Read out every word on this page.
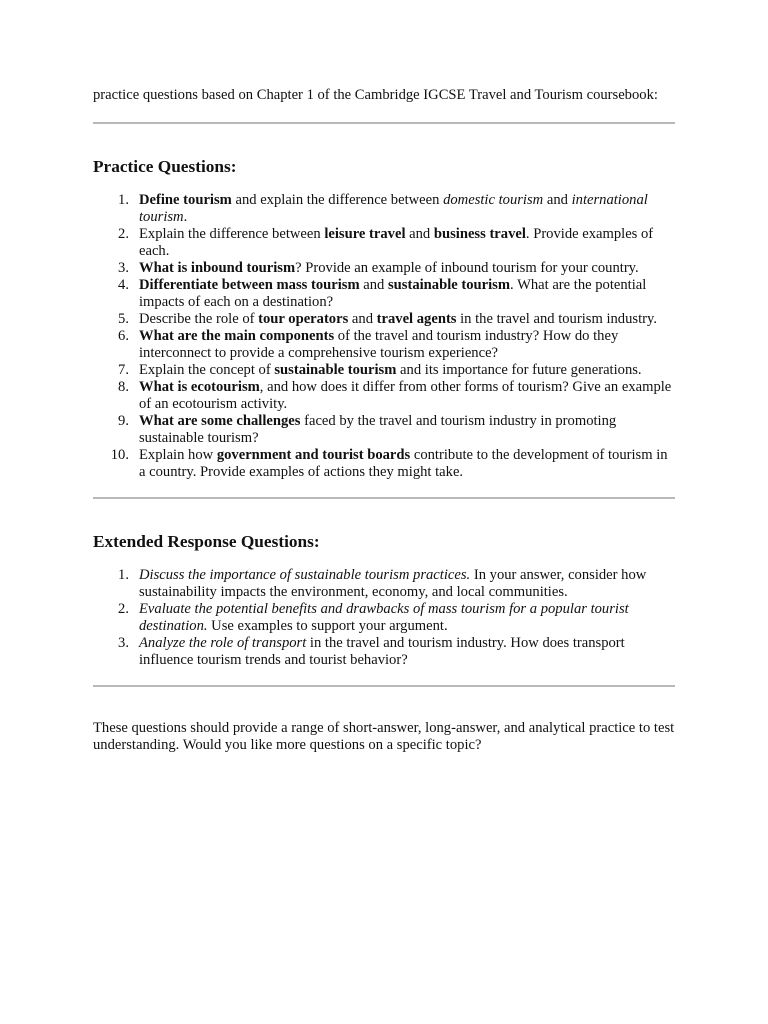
practice questions based on Chapter 1 of the Cambridge IGCSE Travel and Tourism coursebook:

Practice Questions:
1. Define tourism and explain the difference between domestic tourism and international tourism.
2. Explain the difference between leisure travel and business travel. Provide examples of each.
3. What is inbound tourism? Provide an example of inbound tourism for your country.
4. Differentiate between mass tourism and sustainable tourism. What are the potential impacts of each on a destination?
5. Describe the role of tour operators and travel agents in the travel and tourism industry.
6. What are the main components of the travel and tourism industry? How do they interconnect to provide a comprehensive tourism experience?
7. Explain the concept of sustainable tourism and its importance for future generations.
8. What is ecotourism, and how does it differ from other forms of tourism? Give an example of an ecotourism activity.
9. What are some challenges faced by the travel and tourism industry in promoting sustainable tourism?
10. Explain how government and tourist boards contribute to the development of tourism in a country. Provide examples of actions they might take.
Extended Response Questions:
1. Discuss the importance of sustainable tourism practices. In your answer, consider how sustainability impacts the environment, economy, and local communities.
2. Evaluate the potential benefits and drawbacks of mass tourism for a popular tourist destination. Use examples to support your argument.
3. Analyze the role of transport in the travel and tourism industry. How does transport influence tourism trends and tourist behavior?

These questions should provide a range of short-answer, long-answer, and analytical practice to test understanding. Would you like more questions on a specific topic?
